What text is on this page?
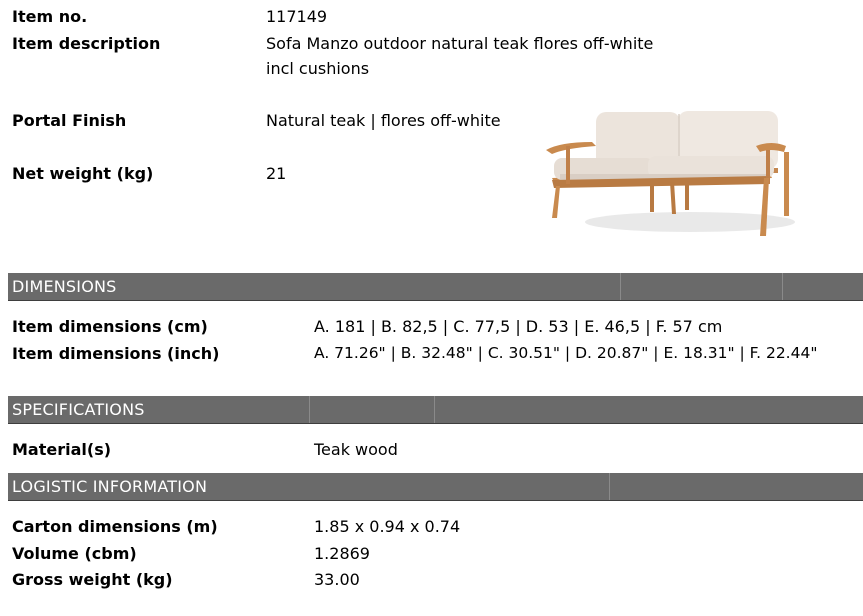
Item no.	117149
Item description	Sofa Manzo outdoor natural teak flores off-white
incl cushions
Portal Finish	Natural teak | flores off-white
Net weight (kg)	21
DIMENSIONS
Item dimensions (cm)	A. 181 | B. 82,5 | C. 77,5 | D. 53 | E. 46,5 | F. 57 cm
Item dimensions (inch)	A. 71.26" | B. 32.48" | C. 30.51" | D. 20.87" | E. 18.31" | F. 22.44"
SPECIFICATIONS
Material(s)	Teak wood
LOGISTIC INFORMATION
Carton dimensions (m)	1.85 x 0.94 x 0.74
Volume (cbm)	1.2869
Gross weight (kg)	33.00
